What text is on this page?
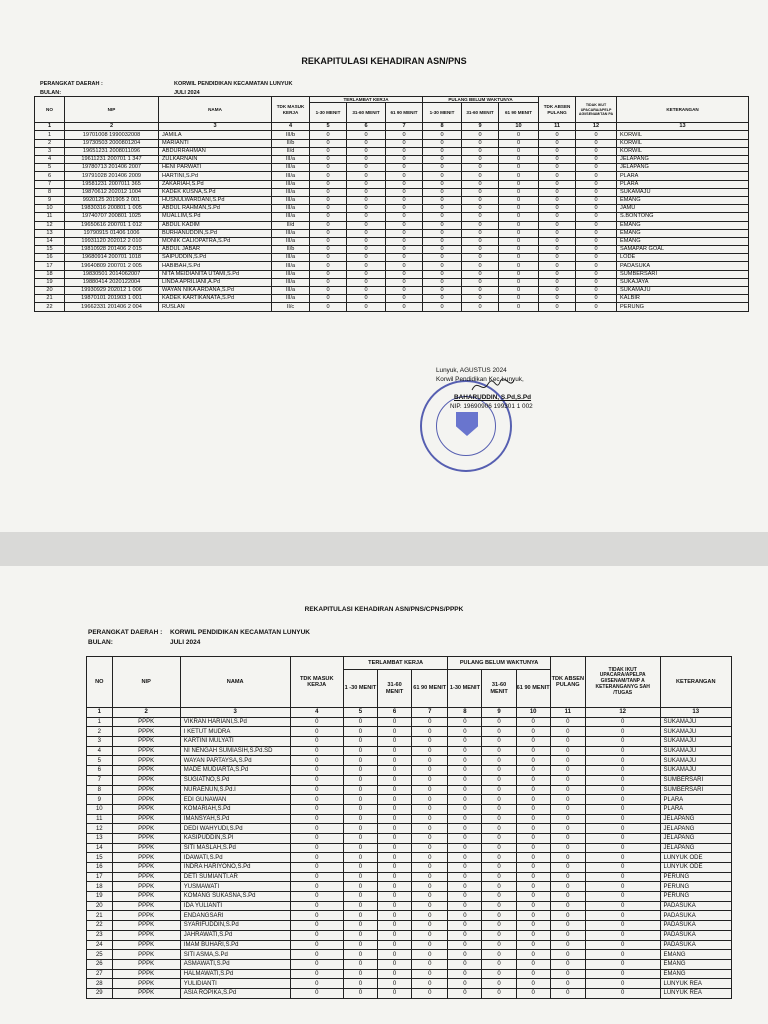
REKAPITULASI KEHADIRAN ASN/PNS
PERANGKAT DAERAH :	KORWIL PENDIDIKAN KECAMATAN LUNYUK
BULAN:	JULI 2024
NO	NIP	NAMA	TDK MASUK KERJA	TERLAMBAT KERJA			PULANG BELUM WAKTUNYA			TDK ABSEN PULANG	TIDAK IKUT UPACARA/APELP AGI/SENAM/TAN PA	KETERANGAN
				1-30 MENIT	31-60 MENIT	61 90 MENIT	1-30 MENIT	31-60 MENIT	61 90 MENIT			
1	2	3	4	5	6	7	8	9	10	11	12	13
1	19701008 1990032008	JAMILA	III/b	0	0	0	0	0	0	0	0	KORWIL
2	19730503 2000801204	MARIANTI	II/b	0	0	0	0	0	0	0	0	KORWIL
3	19651231 2008011096	ABDURRAHMAN	II/d	0	0	0	0	0	0	0	0	KORWIL
4	19611231 200701 1 347	ZULKARNAIN	III/a	0	0	0	0	0	0	0	0	JELAPANG
5	19780713 201406 2007	HENI PARWATI	III/a	0	0	0	0	0	0	0	0	JELAPANG
6	19791028 201406 2009	HARTINI,S.Pd	III/a	0	0	0	0	0	0	0	0	PLARA
7	19581231 2007011 365	ZAKARIAH,S.Pd	III/a	0	0	0	0	0	0	0	0	PLARA
8	19870612 202012 1004	KADEK KUSNA,S.Pd	III/a	0	0	0	0	0	0	0	0	SUKAMAJU
9	9920125 201905 2 001	HUSNULWARDANI,S.Pd	III/a	0	0	0	0	0	0	0	0	EMANG
10	19830316 200801 1 005	ABDUL RAHMAN,S.Pd	III/a	0	0	0	0	0	0	0	0	JAMU
11	19740707 200801 1025	MUALLIM,S.Pd	III/a	0	0	0	0	0	0	0	0	S.BONTONG
12	19650616 200701 1 012	ABDUL KADIM	II/d	0	0	0	0	0	0	0	0	EMANG
13	19790915 01406 1006	BURHANUDDIN,S.Pd	III/a	0	0	0	0	0	0	0	0	EMANG
14	19931120 202012 2 010	MONIK CALIOPATRA,S.Pd	III/a	0	0	0	0	0	0	0	0	EMANG
15	19810928 201406 2 015	ABDUL JABAR	II/b	0	0	0	0	0	0	0	0	SAMAPAR GOAL
16	19680914 200701 1018	SAIPUDDIN,S.Pd	III/a	0	0	0	0	0	0	0	0	LODE
17	19640809 200701 2 005	HABIBAH,S.Pd	III/a	0	0	0	0	0	0	0	0	PADASUKA
18	19830501 2014062007	NITA MEIDIANITA UTAMI,S.Pd	III/a	0	0	0	0	0	0	0	0	SUMBERSARI
19	19880414 2020122004	LINDA APRILIANI,A.Pd	III/a	0	0	0	0	0	0	0	0	SUKAJAYA
20	19930929 202012 1 006	WAYAN NIKA ARDANA,S.Pd	III/a	0	0	0	0	0	0	0	0	SUKAMAJU
21	19870101 201903 1 001	KADEK KARTIKANATA,S.Pd	III/a	0	0	0	0	0	0	0	0	KALBIR
22	19662331 201406 2 004	RUSLAN	II/c	0	0	0	0	0	0	0	0	PERUNG
Lunyuk, AGUSTUS 2024
Korwil Pendidikan Kec.Lunyuk,
BAHARUDDIN, S.Pd,S.Pd
NIP. 19690906 199301 1 002
REKAPITULASI KEHADIRAN ASN/PNS/CPNS/PPPK
PERANGKAT DAERAH :	KORWIL PENDIDIKAN KECAMATAN LUNYUK
BULAN:	JULI 2024
NO	NIP	NAMA	TDK MASUK KERJA	TERLAMBAT KERJA			PULANG BELUM WAKTUNYA			TDK ABSEN PULANG	TIDAK IKUT UPACARA/APELPA GI/SENAM/TANP A KETERANGANYG SAH /TUGAS	KETERANGAN
				1 -30 MENIT	31-60 MENIT	61 90 MENIT	1-30 MENIT	31-60 MENIT	61 90 MENIT			
1	2	3	4	5	6	7	8	9	10	11	12	13
1	PPPK	VIKRAN HARIANI,S.Pd	0	0	0	0	0	0	0	0	0	SUKAMAJU
2	PPPK	I KETUT MUDRA	0	0	0	0	0	0	0	0	0	SUKAMAJU
3	PPPK	KARTINI MULYATI	0	0	0	0	0	0	0	0	0	SUKAMAJU
4	PPPK	NI NENGAH SUMIASIH,S.Pd.SD	0	0	0	0	0	0	0	0	0	SUKAMAJU
5	PPPK	WAYAN PARTAYSA,S.Pd	0	0	0	0	0	0	0	0	0	SUKAMAJU
6	PPPK	MADE MUDIARTA,S.Pd	0	0	0	0	0	0	0	0	0	SUKAMAJU
7	PPPK	SUGIATNO,S.Pd	0	0	0	0	0	0	0	0	0	SUMBERSARI
8	PPPK	NURAENUN,S.Pd.I	0	0	0	0	0	0	0	0	0	SUMBERSARI
9	PPPK	EDI GUNAWAN	0	0	0	0	0	0	0	0	0	PLARA
10	PPPK	KOMARIAH,S.Pd	0	0	0	0	0	0	0	0	0	PLARA
11	PPPK	IMANSYAH,S.Pd	0	0	0	0	0	0	0	0	0	JELAPANG
12	PPPK	DEDI WAHYUDI,S.Pd	0	0	0	0	0	0	0	0	0	JELAPANG
13	PPPK	KASIPUDDIN,S.PI	0	0	0	0	0	0	0	0	0	JELAPANG
14	PPPK	SITI MASLAH,S.Pd	0	0	0	0	0	0	0	0	0	JELAPANG
15	PPPK	IDAWATI,S.Pd	0	0	0	0	0	0	0	0	0	LUNYUK ODE
16	PPPK	INDRA HARIYONO,S.Pd	0	0	0	0	0	0	0	0	0	LUNYUK ODE
17	PPPK	DETI SUMIANTI.AR	0	0	0	0	0	0	0	0	0	PERUNG
18	PPPK	YUSMAWATI	0	0	0	0	0	0	0	0	0	PERUNG
19	PPPK	KOMANG SUKASNA,S.Pd	0	0	0	0	0	0	0	0	0	PERUNG
20	PPPK	IDA YULIANTI	0	0	0	0	0	0	0	0	0	PADASUKA
21	PPPK	ENDANGSARI	0	0	0	0	0	0	0	0	0	PADASUKA
22	PPPK	SYARIFUDDIN,S.Pd	0	0	0	0	0	0	0	0	0	PADASUKA
23	PPPK	JAHRAWATI,S.Pd	0	0	0	0	0	0	0	0	0	PADASUKA
24	PPPK	IMAM BUHARI,S.Pd	0	0	0	0	0	0	0	0	0	PADASUKA
25	PPPK	SITI ASMA,S.Pd	0	0	0	0	0	0	0	0	0	EMANG
26	PPPK	ASMAWATI,S.Pd	0	0	0	0	0	0	0	0	0	EMANG
27	PPPK	HALMAWATI,S.Pd	0	0	0	0	0	0	0	0	0	EMANG
28	PPPK	YULIDIANTI	0	0	0	0	0	0	0	0	0	LUNYUK REA
29	PPPK	ASIA ROPIKA,S.Pd	0	0	0	0	0	0	0	0	0	LUNYUK REA
